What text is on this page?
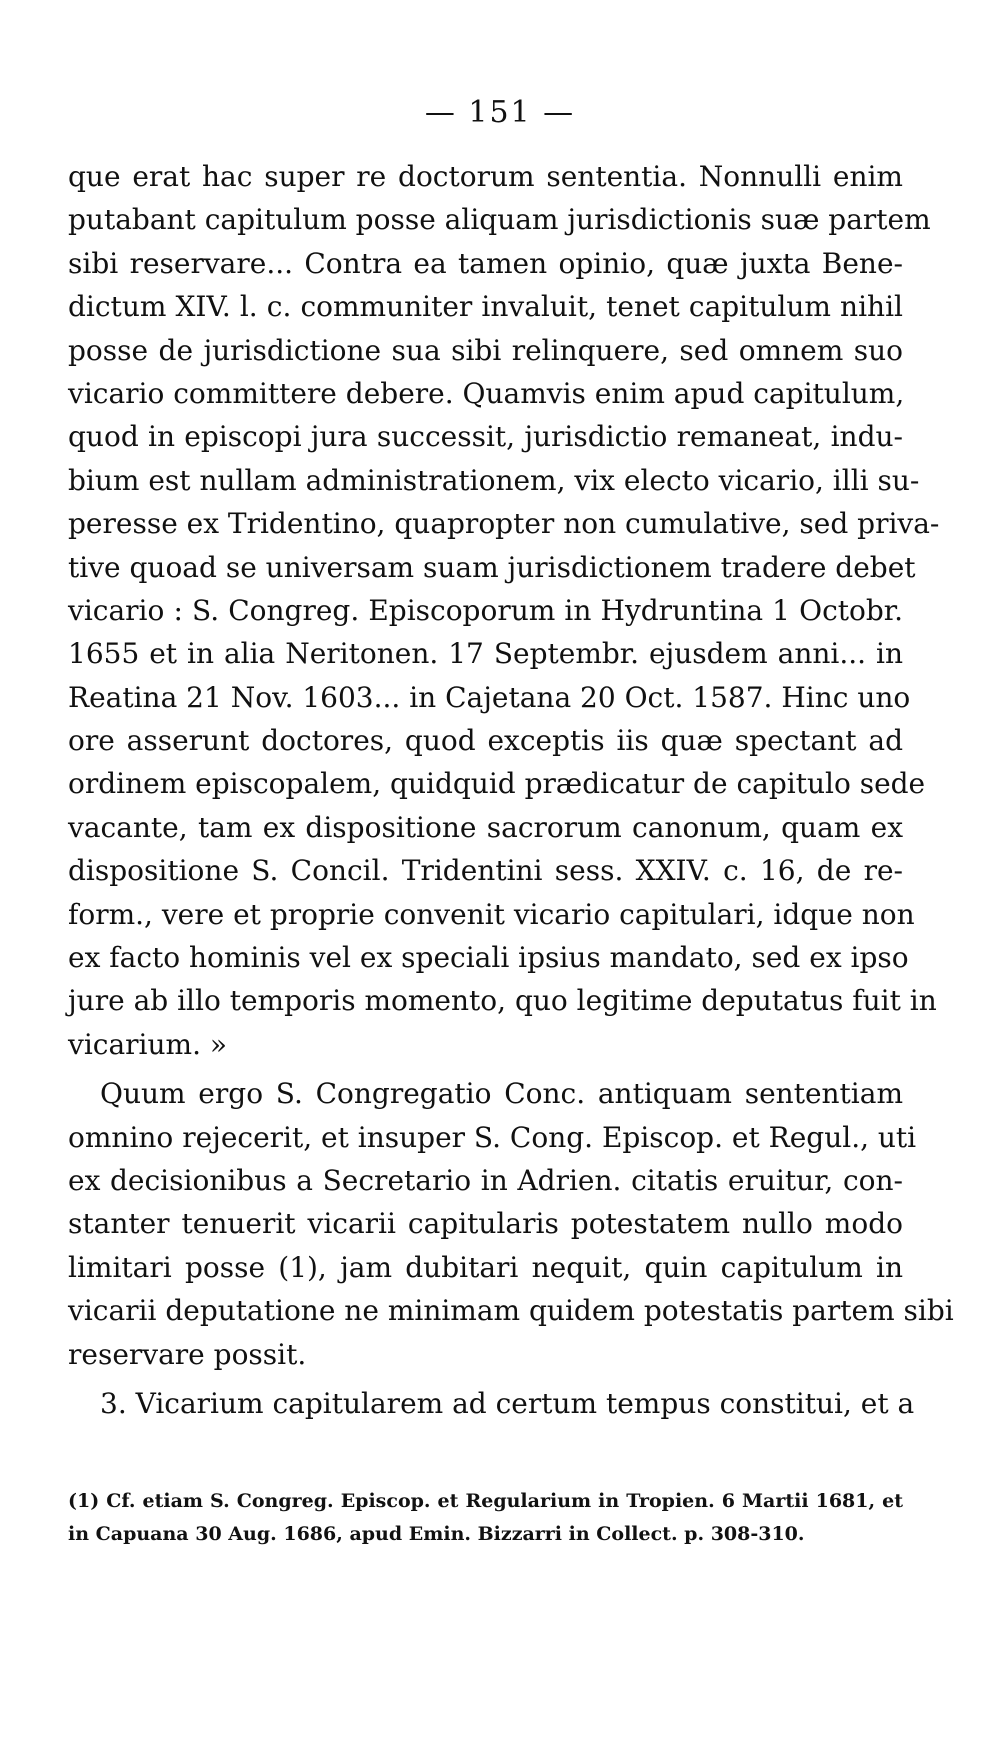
— 151 —
que erat hac super re doctorum sententia. Nonnulli enim
putabant capitulum posse aliquam jurisdictionis suæ partem
sibi reservare... Contra ea tamen opinio, quæ juxta Bene-
dictum XIV. l. c. communiter invaluit, tenet capitulum nihil
posse de jurisdictione sua sibi relinquere, sed omnem suo
vicario committere debere. Quamvis enim apud capitulum,
quod in episcopi jura successit, jurisdictio remaneat, indu-
bium est nullam administrationem, vix electo vicario, illi su-
peresse ex Tridentino, quapropter non cumulative, sed priva-
tive quoad se universam suam jurisdictionem tradere debet
vicario : S. Congreg. Episcoporum in Hydruntina 1 Octobr.
1655 et in alia Neritonen. 17 Septembr. ejusdem anni... in
Reatina 21 Nov. 1603... in Cajetana 20 Oct. 1587. Hinc uno
ore asserunt doctores, quod exceptis iis quæ spectant ad
ordinem episcopalem, quidquid prædicatur de capitulo sede
vacante, tam ex dispositione sacrorum canonum, quam ex
dispositione S. Concil. Tridentini sess. XXIV. c. 16, de re-
form., vere et proprie convenit vicario capitulari, idque non
ex facto hominis vel ex speciali ipsius mandato, sed ex ipso
jure ab illo temporis momento, quo legitime deputatus fuit in
vicarium. »
Quum ergo S. Congregatio Conc. antiquam sententiam
omnino rejecerit, et insuper S. Cong. Episcop. et Regul., uti
ex decisionibus a Secretario in Adrien. citatis eruitur, con-
stanter tenuerit vicarii capitularis potestatem nullo modo
limitari posse (1), jam dubitari nequit, quin capitulum in
vicarii deputatione ne minimam quidem potestatis partem sibi
reservare possit.
3. Vicarium capitularem ad certum tempus constitui, et a
(1) Cf. etiam S. Congreg. Episcop. et Regularium in Tropien. 6 Martii 1681, et
in Capuana 30 Aug. 1686, apud Emin. Bizzarri in Collect. p. 308-310.
